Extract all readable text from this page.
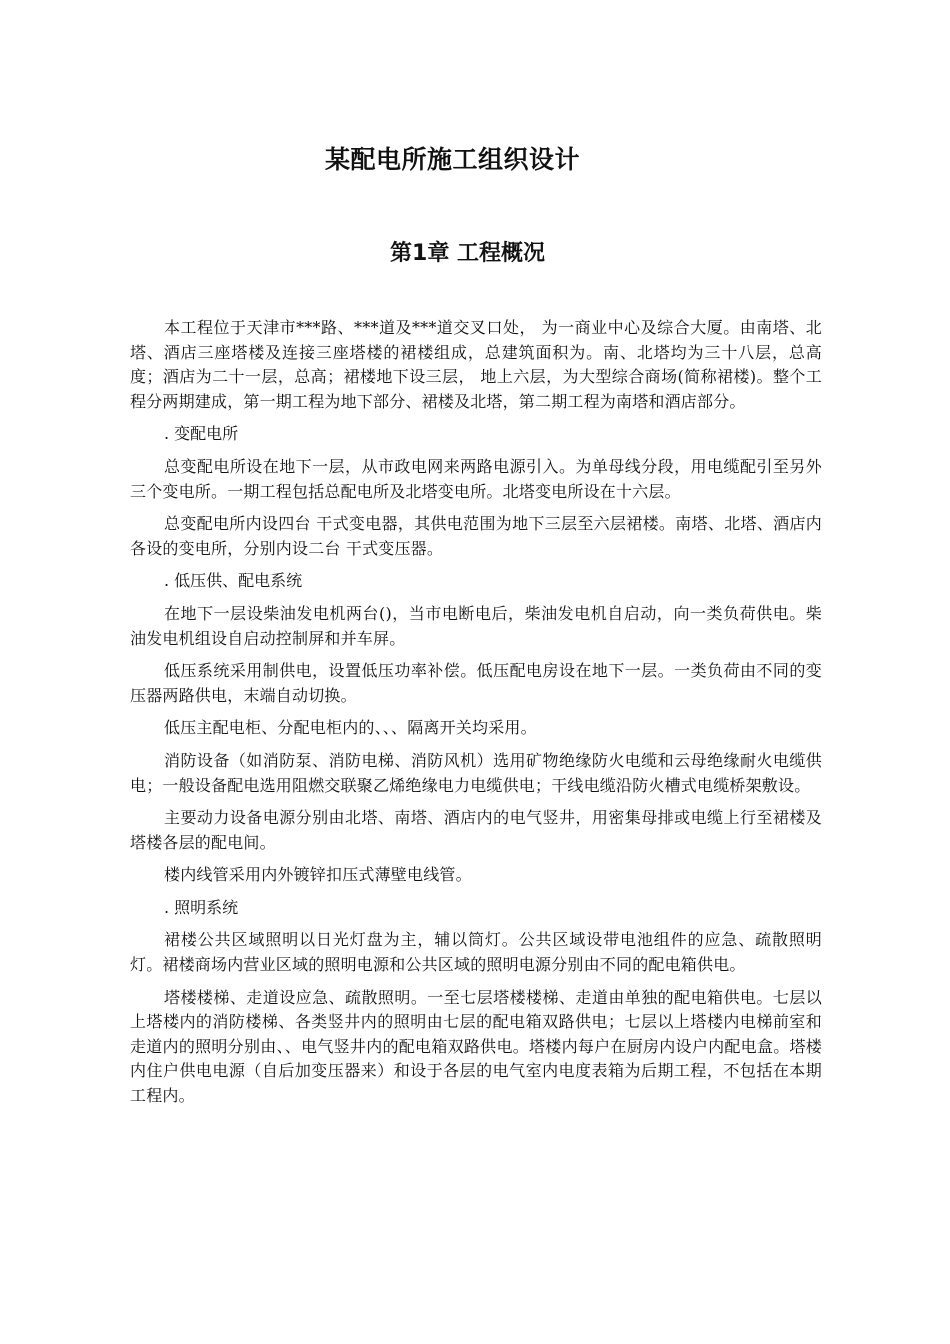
某配电所施工组织设计
第1章 工程概况

本工程位于天津市***路、***道及***道交叉口处， 为一商业中心及综合大厦。由南塔、北塔、酒店三座塔楼及连接三座塔楼的裙楼组成，总建筑面积为。南、北塔均为三十八层，总高度；酒店为二十一层，总高；裙楼地下设三层， 地上六层，为大型综合商场(简称裙楼)。整个工程分两期建成，第一期工程为地下部分、裙楼及北塔，第二期工程为南塔和酒店部分。

. 变配电所

总变配电所设在地下一层，从市政电网来两路电源引入。为单母线分段，用电缆配引至另外三个变电所。一期工程包括总配电所及北塔变电所。北塔变电所设在十六层。

总变配电所内设四台 干式变电器，其供电范围为地下三层至六层裙楼。南塔、北塔、酒店内各设的变电所，分别内设二台 干式变压器。

. 低压供、配电系统

在地下一层设柴油发电机两台()，当市电断电后，柴油发电机自启动，向一类负荷供电。柴油发电机组设自启动控制屏和并车屏。

低压系统采用制供电，设置低压功率补偿。低压配电房设在地下一层。一类负荷由不同的变压器两路供电，末端自动切换。

低压主配电柜、分配电柜内的、、、隔离开关均采用。

消防设备（如消防泵、消防电梯、消防风机）选用矿物绝缘防火电缆和云母绝缘耐火电缆供电；一般设备配电选用阻燃交联聚乙烯绝缘电力电缆供电；干线电缆沿防火槽式电缆桥架敷设。

主要动力设备电源分别由北塔、南塔、酒店内的电气竖井，用密集母排或电缆上行至裙楼及塔楼各层的配电间。

楼内线管采用内外镀锌扣压式薄壁电线管。

. 照明系统

裙楼公共区域照明以日光灯盘为主，辅以筒灯。公共区域设带电池组件的应急、疏散照明灯。裙楼商场内营业区域的照明电源和公共区域的照明电源分别由不同的配电箱供电。

塔楼楼梯、走道设应急、疏散照明。一至七层塔楼楼梯、走道由单独的配电箱供电。七层以上塔楼内的消防楼梯、各类竖井内的照明由七层的配电箱双路供电；七层以上塔楼内电梯前室和走道内的照明分别由、、电气竖井内的配电箱双路供电。塔楼内每户在厨房内设户内配电盒。塔楼内住户供电电源（自后加变压器来）和设于各层的电气室内电度表箱为后期工程，不包括在本期工程内。
